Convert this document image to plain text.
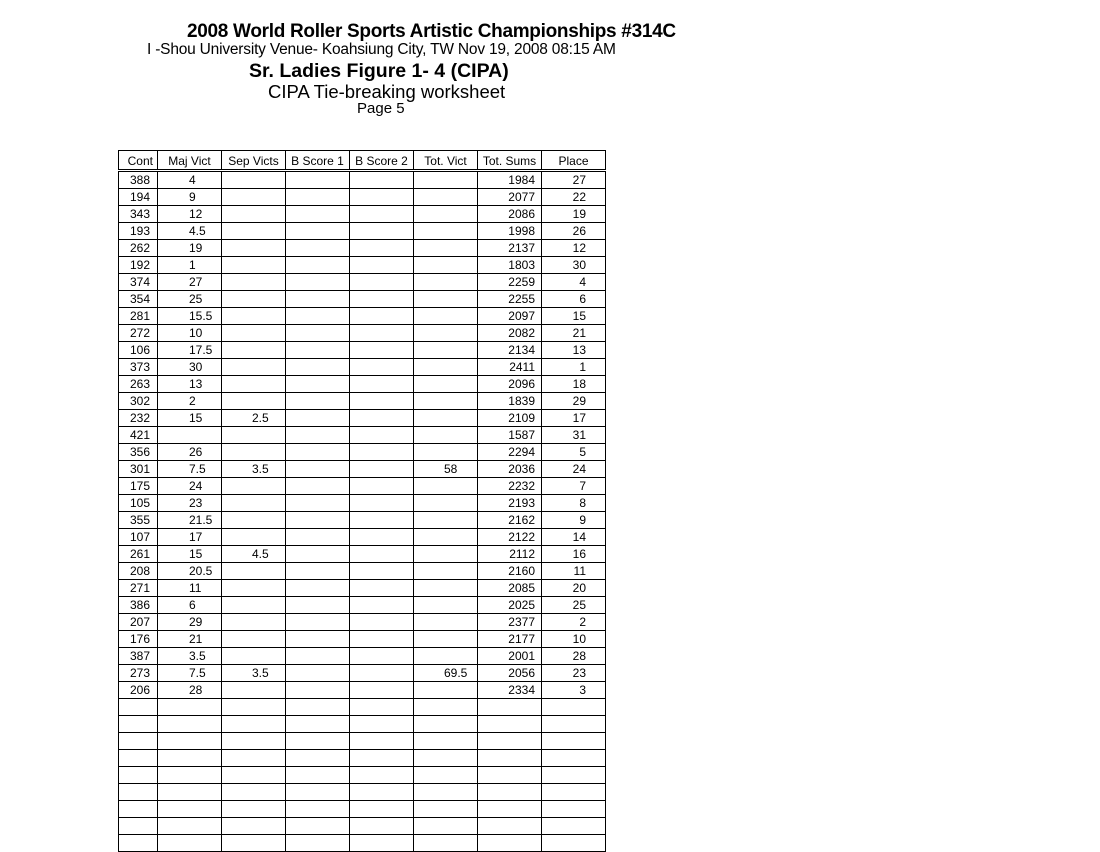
2008 World Roller Sports Artistic Championships #314C
I -Shou University Venue- Koahsiung City, TW Nov 19, 2008 08:15 AM
Sr. Ladies Figure 1- 4 (CIPA)
CIPA Tie-breaking worksheet
Page 5
Cont	Maj Vict	Sep Victs	B Score 1	B Score 2	Tot. Vict	Tot. Sums	Place
388	4					1984	27
194	9					2077	22
343	12					2086	19
193	4.5					1998	26
262	19					2137	12
192	1					1803	30
374	27					2259	4
354	25					2255	6
281	15.5					2097	15
272	10					2082	21
106	17.5					2134	13
373	30					2411	1
263	13					2096	18
302	2					1839	29
232	15	2.5				2109	17
421						1587	31
356	26					2294	5
301	7.5	3.5			58	2036	24
175	24					2232	7
105	23					2193	8
355	21.5					2162	9
107	17					2122	14
261	15	4.5				2112	16
208	20.5					2160	11
271	11					2085	20
386	6					2025	25
207	29					2377	2
176	21					2177	10
387	3.5					2001	28
273	7.5	3.5			69.5	2056	23
206	28					2334	3
